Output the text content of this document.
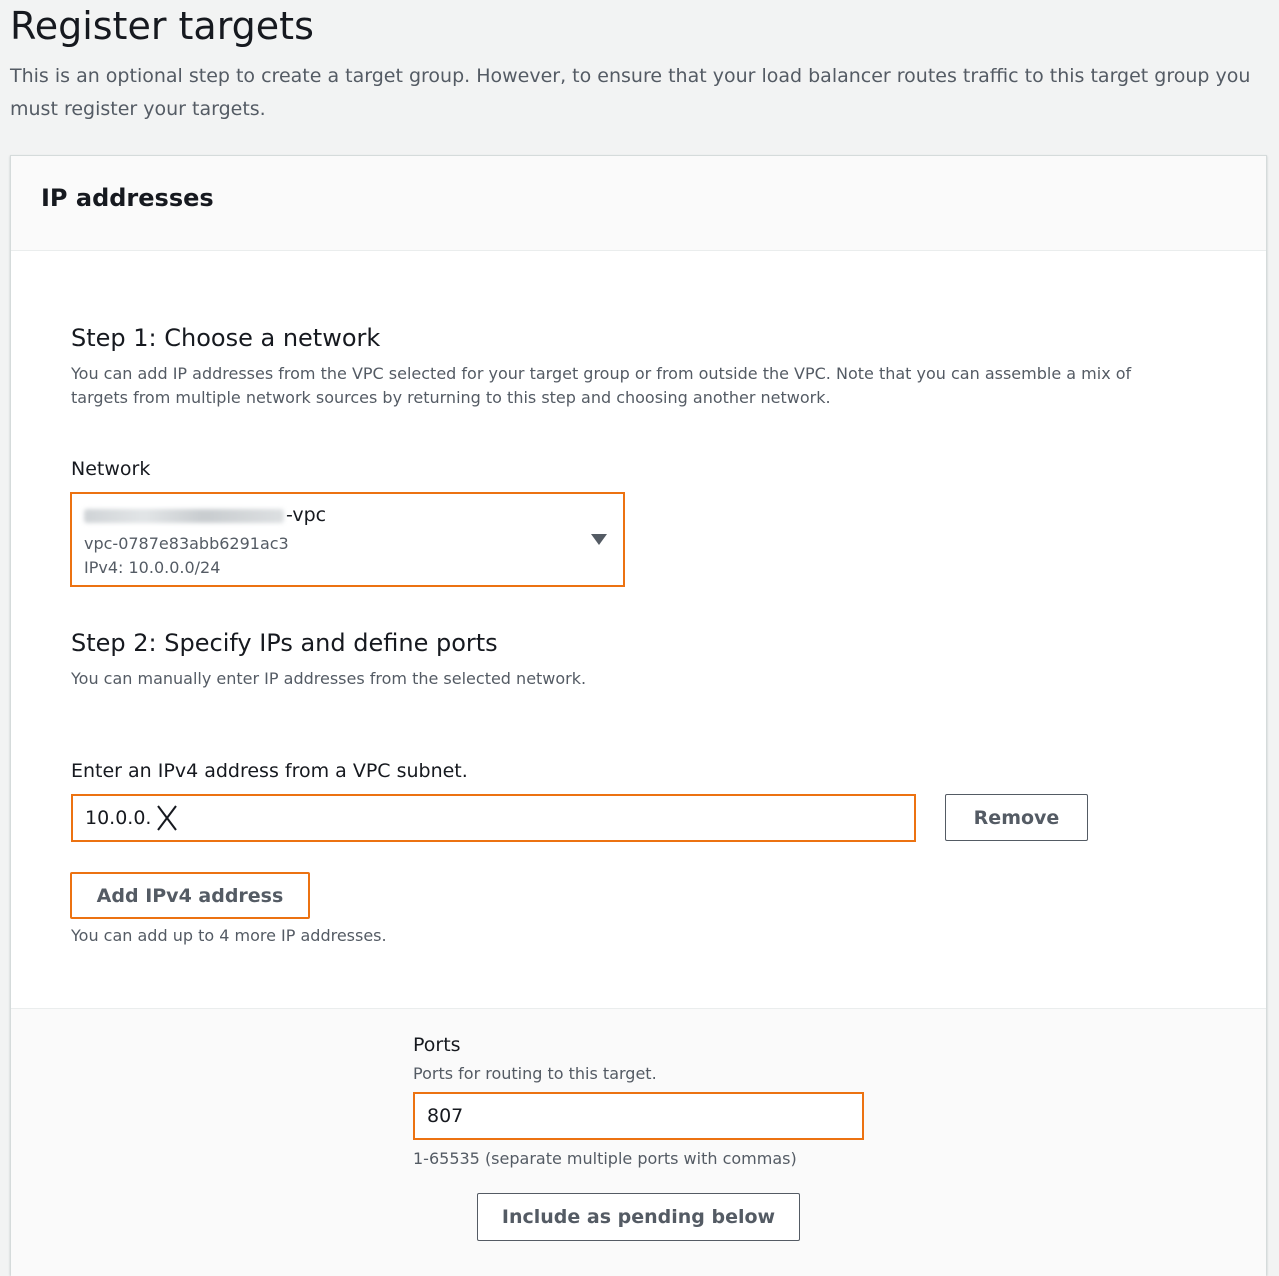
Register targets

This is an optional step to create a target group. However, to ensure that your load balancer routes traffic to this target group you must register your targets.

IP addresses
Step 1: Choose a network

You can add IP addresses from the VPC selected for your target group or from outside the VPC. Note that you can assemble a mix of targets from multiple network sources by returning to this step and choosing another network.

Network
-vpc
vpc-0787e83abb6291ac3
IPv4: 10.0.0.0/24
Step 2: Specify IPs and define ports

You can manually enter IP addresses from the selected network.

Enter an IPv4 address from a VPC subnet.
10.0.0.	Remove
Add IPv4 address
You can add up to 4 more IP addresses.
Ports
Ports for routing to this target.
807
1-65535 (separate multiple ports with commas)
Include as pending below
